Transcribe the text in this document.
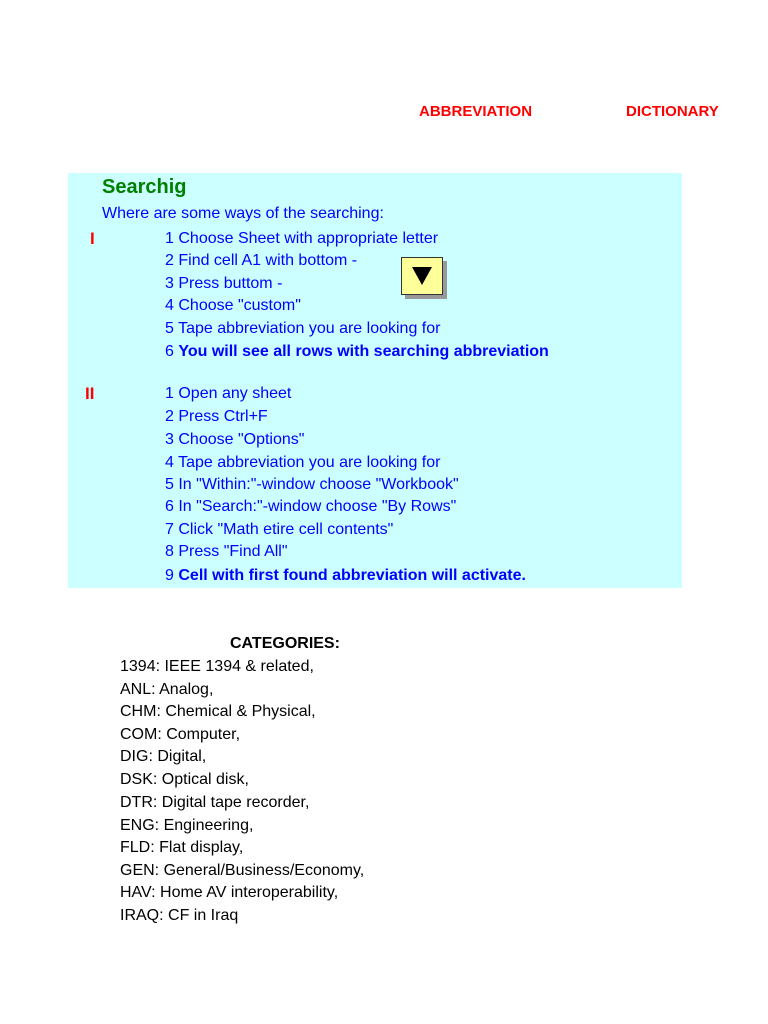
ABBREVIATION	DICTIONARY
Searchig
Where are some ways of the searching:
I	1 Choose Sheet with appropriate letter
2 Find cell A1 with bottom -
3 Press buttom -
4 Choose "custom"
5 Tape abbreviation you are looking for
6 You will see all rows with searching abbreviation
II	1 Open any sheet
2 Press Ctrl+F
3 Choose "Options"
4 Tape abbreviation you are looking for
5 In "Within:"-window choose "Workbook"
6 In "Search:"-window choose "By Rows"
7 Click "Math etire cell contents"
8 Press "Find All"
9 Cell with first found abbreviation will activate.
CATEGORIES:
1394: IEEE 1394 & related,
ANL: Analog,
CHM: Chemical & Physical,
COM: Computer,
DIG: Digital,
DSK: Optical disk,
DTR: Digital tape recorder,
ENG: Engineering,
FLD: Flat display,
GEN: General/Business/Economy,
HAV: Home AV interoperability,
IRAQ: CF in Iraq
